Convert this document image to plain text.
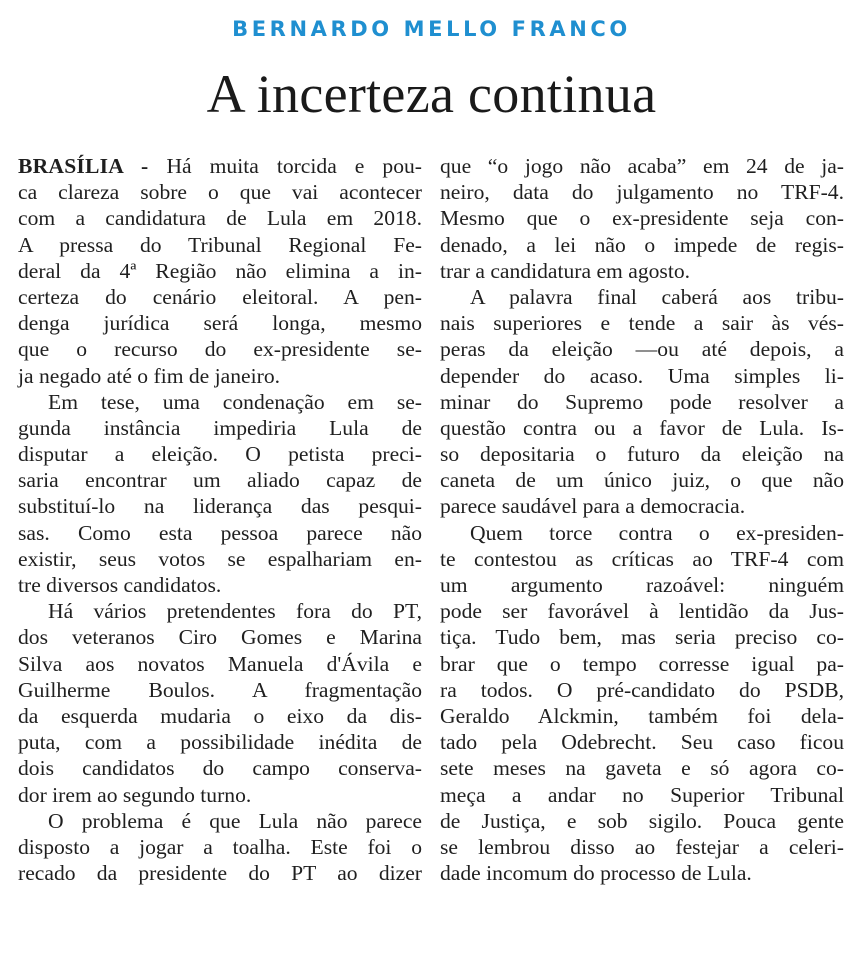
BERNARDO MELLO FRANCO
A incerteza continua
BRASÍLIA - Há muita torcida e pou-
ca clareza sobre o que vai acontecer
com a candidatura de Lula em 2018.
A pressa do Tribunal Regional Fe-
deral da 4ª Região não elimina a in-
certeza do cenário eleitoral. A pen-
denga jurídica será longa, mesmo
que o recurso do ex-presidente se-
ja negado até o fim de janeiro.
Em tese, uma condenação em se-
gunda instância impediria Lula de
disputar a eleição. O petista preci-
saria encontrar um aliado capaz de
substituí-lo na liderança das pesqui-
sas. Como esta pessoa parece não
existir, seus votos se espalhariam en-
tre diversos candidatos.
Há vários pretendentes fora do PT,
dos veteranos Ciro Gomes e Marina
Silva aos novatos Manuela d'Ávila e
Guilherme Boulos. A fragmentação
da esquerda mudaria o eixo da dis-
puta, com a possibilidade inédita de
dois candidatos do campo conserva-
dor irem ao segundo turno.
O problema é que Lula não parece
disposto a jogar a toalha. Este foi o
recado da presidente do PT ao dizer
que “o jogo não acaba” em 24 de ja-
neiro, data do julgamento no TRF-4.
Mesmo que o ex-presidente seja con-
denado, a lei não o impede de regis-
trar a candidatura em agosto.
A palavra final caberá aos tribu-
nais superiores e tende a sair às vés-
peras da eleição —ou até depois, a
depender do acaso. Uma simples li-
minar do Supremo pode resolver a
questão contra ou a favor de Lula. Is-
so depositaria o futuro da eleição na
caneta de um único juiz, o que não
parece saudável para a democracia.
Quem torce contra o ex-presiden-
te contestou as críticas ao TRF-4 com
um argumento razoável: ninguém
pode ser favorável à lentidão da Jus-
tiça. Tudo bem, mas seria preciso co-
brar que o tempo corresse igual pa-
ra todos. O pré-candidato do PSDB,
Geraldo Alckmin, também foi dela-
tado pela Odebrecht. Seu caso ficou
sete meses na gaveta e só agora co-
meça a andar no Superior Tribunal
de Justiça, e sob sigilo. Pouca gente
se lembrou disso ao festejar a celeri-
dade incomum do processo de Lula.
